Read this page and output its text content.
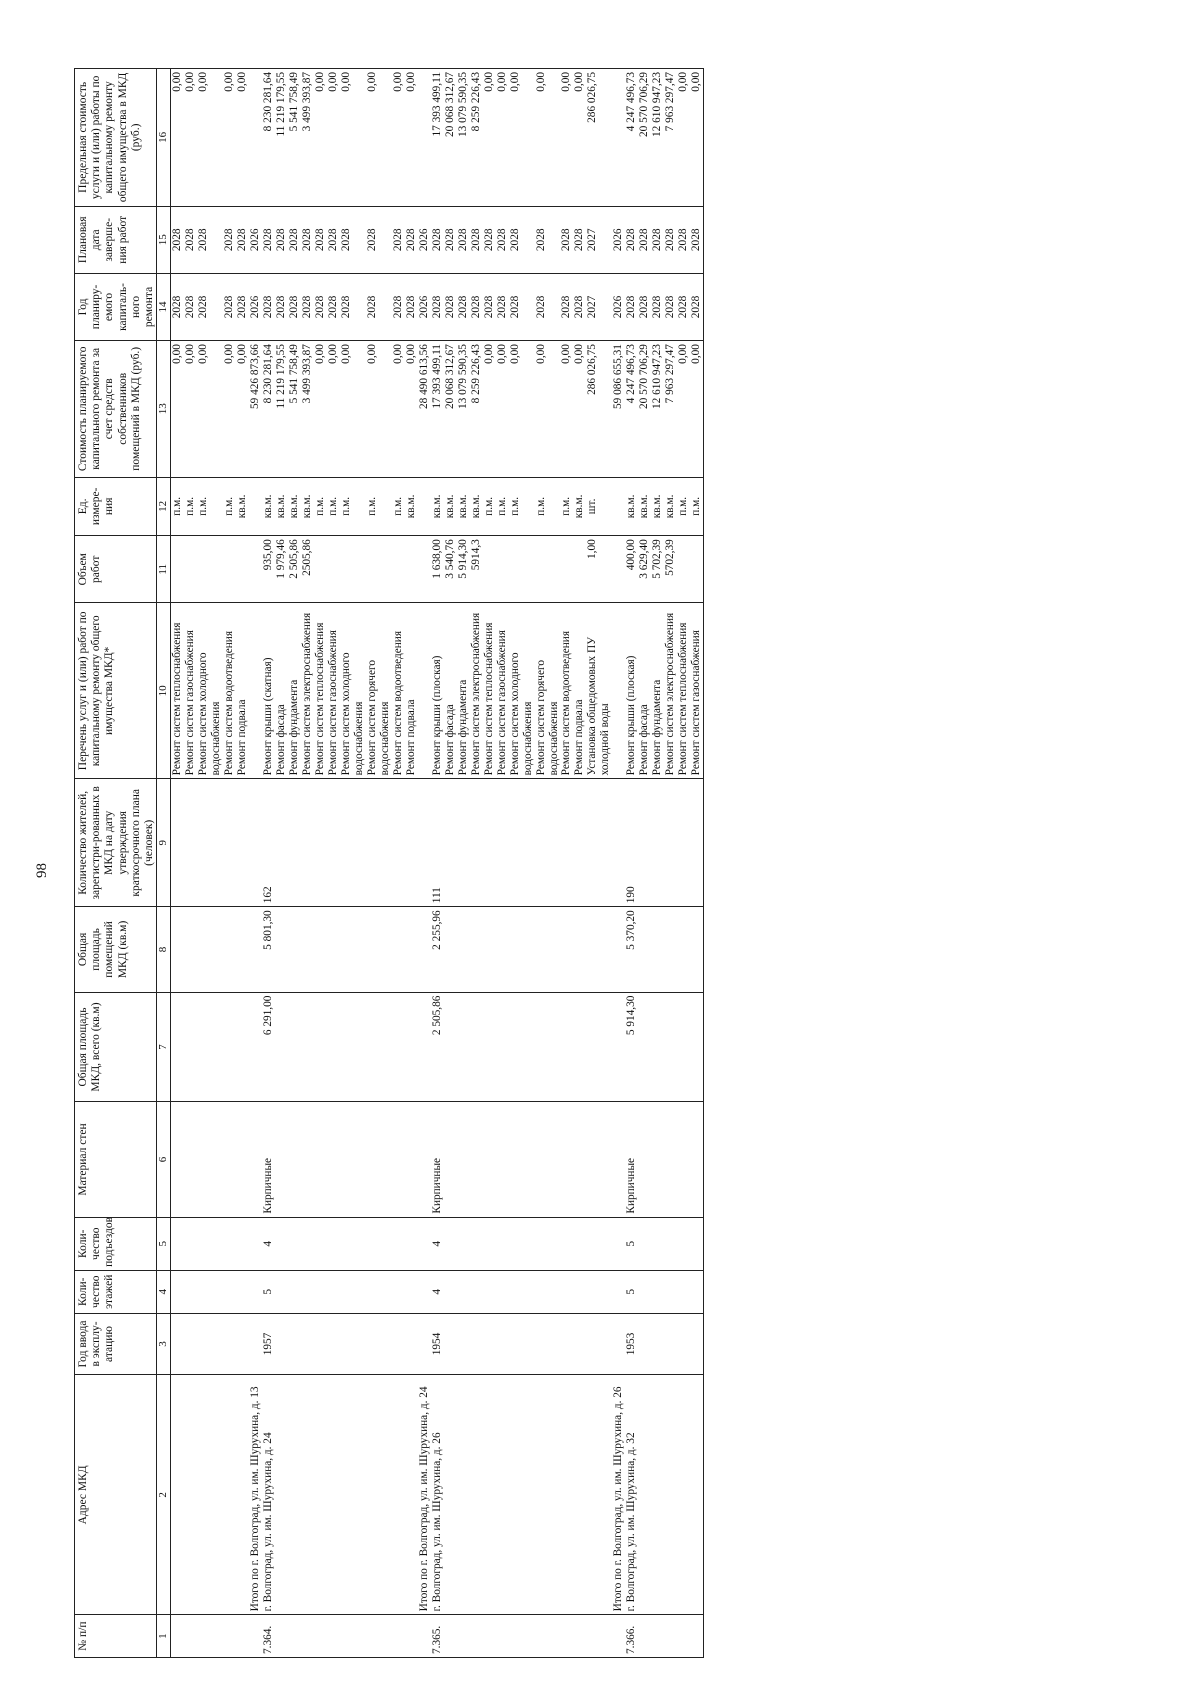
98
№ п/п	Адрес МКД	Год ввода в эксплу-атацию	Коли-чество этажей	Коли-чество подъездов	Материал стен	Общая площадь МКД, всего (кв.м)	Общая площадь помещений МКД (кв.м)	Количество жителей, зарегистри-рованных в МКД на дату утверждения краткосрочного плана (человек)	Перечень услуг и (или) работ по капитальному ремонту общего имущества МКД*	Объем работ	Ед. измере-ния	Стоимость планируемого капитального ремонта за счет средств собственников помещений в МКД (руб.)	Год планиру-емого капиталь-ного ремонта	Плановая дата заверше-ния работ	Предельная стоимость услуги и (или) работы по капитальному ремонту общего имущества в МКД (руб.)
1	2	3	4	5	6	7	8	9	10	11	12	13	14	15	16
									Ремонт систем теплоснабжения		п.м.	0,00	2028	2028	0,00
									Ремонт систем газоснабжения		п.м.	0,00	2028	2028	0,00
									Ремонт систем холодного водоснабжения		п.м.	0,00	2028	2028	0,00
									Ремонт систем водоотведения		п.м.	0,00	2028	2028	0,00
									Ремонт подвала		кв.м.	0,00	2028	2028	0,00
	Итого по г. Волгоград, ул. им. Шурухина, д. 13											59 426 873,66	2026	2026	
7.364.	г. Волгоград, ул. им. Шурухина, д. 24	1957	5	4	Кирпичные	6 291,00	5 801,30	162	Ремонт крыши (скатная)	935,00	кв.м.	8 230 281,64	2028	2028	8 230 281,64
									Ремонт фасада	1 979,46	кв.м.	11 219 179,55	2028	2028	11 219 179,55
									Ремонт фундамента	2 505,86	кв.м.	5 541 758,49	2028	2028	5 541 758,49
									Ремонт систем электроснабжения	2505,86	кв.м.	3 499 393,87	2028	2028	3 499 393,87
									Ремонт систем теплоснабжения		п.м.	0,00	2028	2028	0,00
									Ремонт систем газоснабжения		п.м.	0,00	2028	2028	0,00
									Ремонт систем холодного водоснабжения		п.м.	0,00	2028	2028	0,00
									Ремонт систем горячего водоснабжения		п.м.	0,00	2028	2028	0,00
									Ремонт систем водоотведения		п.м.	0,00	2028	2028	0,00
									Ремонт подвала		кв.м.	0,00	2028	2028	0,00
	Итого по г. Волгоград, ул. им. Шурухина, д. 24											28 490 613,56	2026	2026	
7.365.	г. Волгоград, ул. им. Шурухина, д. 26	1954	4	4	Кирпичные	2 505,86	2 255,96	111	Ремонт крыши (плоская)	1 638,00	кв.м.	17 393 499,11	2028	2028	17 393 499,11
									Ремонт фасада	3 540,76	кв.м.	20 068 312,67	2028	2028	20 068 312,67
									Ремонт фундамента	5 914,30	кв.м.	13 079 590,35	2028	2028	13 079 590,35
									Ремонт систем электроснабжения	5914,3	кв.м.	8 259 226,43	2028	2028	8 259 226,43
									Ремонт систем теплоснабжения		п.м.	0,00	2028	2028	0,00
									Ремонт систем газоснабжения		п.м.	0,00	2028	2028	0,00
									Ремонт систем холодного водоснабжения		п.м.	0,00	2028	2028	0,00
									Ремонт систем горячего водоснабжения		п.м.	0,00	2028	2028	0,00
									Ремонт систем водоотведения		п.м.	0,00	2028	2028	0,00
									Ремонт подвала		кв.м.	0,00	2028	2028	0,00
									Установка общедомовых ПУ холодной воды	1,00	шт.	286 026,75	2027	2027	286 026,75
	Итого по г. Волгоград, ул. им. Шурухина, д. 26											59 086 655,31	2026	2026	
7.366.	г. Волгоград, ул. им. Шурухина, д. 32	1953	5	5	Кирпичные	5 914,30	5 370,20	190	Ремонт крыши (плоская)	400,00	кв.м.	4 247 496,73	2028	2028	4 247 496,73
									Ремонт фасада	3 629,40	кв.м.	20 570 706,29	2028	2028	20 570 706,29
									Ремонт фундамента	5 702,39	кв.м.	12 610 947,23	2028	2028	12 610 947,23
									Ремонт систем электроснабжения	5702,39	кв.м.	7 963 297,47	2028	2028	7 963 297,47
									Ремонт систем теплоснабжения		п.м.	0,00	2028	2028	0,00
									Ремонт систем газоснабжения		п.м.	0,00	2028	2028	0,00
